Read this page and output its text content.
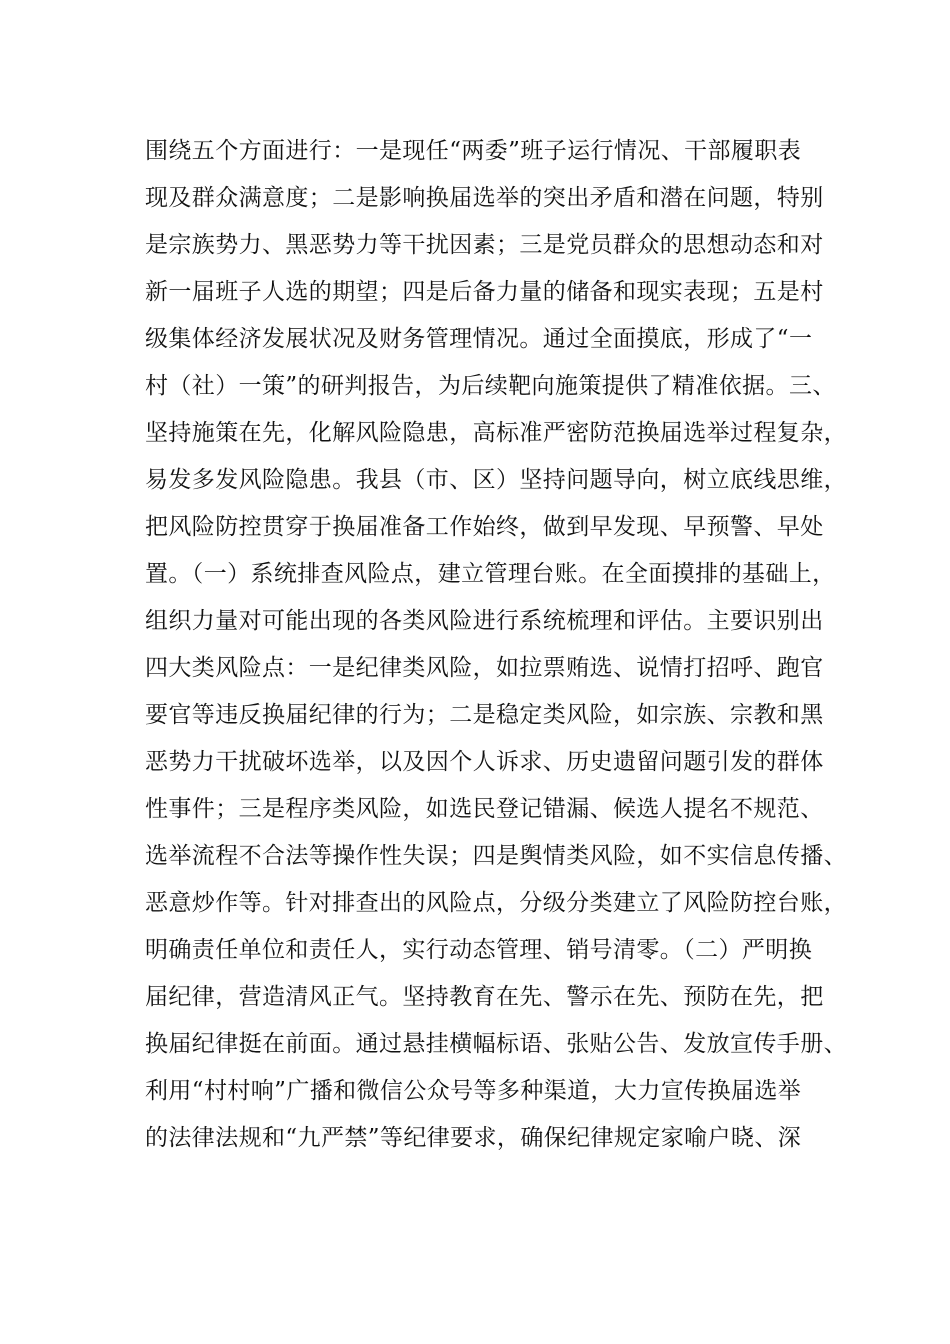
围绕五个方面进行：一是现任“两委”班子运行情况、干部履职表
现及群众满意度；二是影响换届选举的突出矛盾和潜在问题，特别
是宗族势力、黑恶势力等干扰因素；三是党员群众的思想动态和对
新一届班子人选的期望；四是后备力量的储备和现实表现；五是村
级集体经济发展状况及财务管理情况。通过全面摸底，形成了“一
村（社）一策”的研判报告，为后续靶向施策提供了精准依据。三、
坚持施策在先，化解风险隐患，高标准严密防范换届选举过程复杂，
易发多发风险隐患。我县（市、区）坚持问题导向，树立底线思维，
把风险防控贯穿于换届准备工作始终，做到早发现、早预警、早处
置。（一）系统排查风险点，建立管理台账。在全面摸排的基础上，
组织力量对可能出现的各类风险进行系统梳理和评估。主要识别出
四大类风险点：一是纪律类风险，如拉票贿选、说情打招呼、跑官
要官等违反换届纪律的行为；二是稳定类风险，如宗族、宗教和黑
恶势力干扰破坏选举，以及因个人诉求、历史遗留问题引发的群体
性事件；三是程序类风险，如选民登记错漏、候选人提名不规范、
选举流程不合法等操作性失误；四是舆情类风险，如不实信息传播、
恶意炒作等。针对排查出的风险点，分级分类建立了风险防控台账，
明确责任单位和责任人，实行动态管理、销号清零。（二）严明换
届纪律，营造清风正气。坚持教育在先、警示在先、预防在先，把
换届纪律挺在前面。通过悬挂横幅标语、张贴公告、发放宣传手册、
利用“村村响”广播和微信公众号等多种渠道，大力宣传换届选举
的法律法规和“九严禁”等纪律要求，确保纪律规定家喻户晓、深
